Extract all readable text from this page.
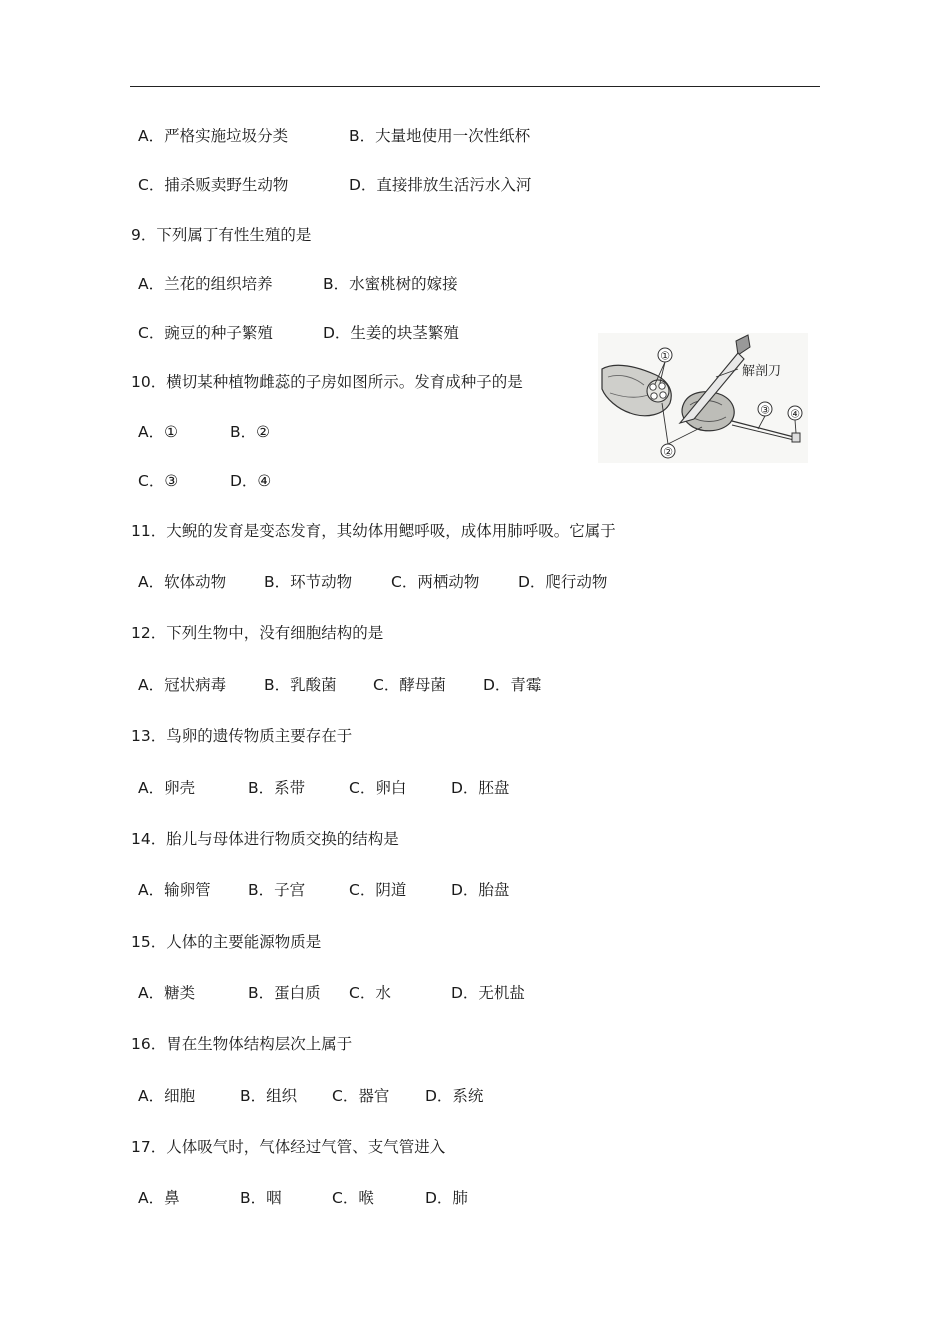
A．严格实施垃圾分类	B．大量地使用一次性纸杯
C．捕杀贩卖野生动物	D．直接排放生活污水入河
9．下列属丁有性生殖的是
A．兰花的组织培养	B．水蜜桃树的嫁接
C．豌豆的种子繁殖	D．生姜的块茎繁殖
10．横切某种植物雌蕊的子房如图所示。发育成种子的是
A．①	B．②
C．③	D．④
解剖刀
①
②
③ ④
11．大鲵的发育是变态发育，其幼体用鳃呼吸，成体用肺呼吸。它属于
A．软体动物 B．环节动物	C．两栖动物 D．爬行动物
12．下列生物中，没有细胞结构的是
A．冠状病毒 B．乳酸菌 C．酵母菌 D．青霉
13．鸟卵的遗传物质主要存在于
A．卵壳	B．系带	C．卵白	D．胚盘
14．胎儿与母体进行物质交换的结构是
A．输卵管 B．子宫	C．阴道	D．胎盘
15．人体的主要能源物质是
A．糖类	B．蛋白质 C．水	D．无机盐
16．胃在生物体结构层次上属于
A．细胞	B．组织 C．器官 D．系统
17．人体吸气时，气体经过气管、支气管进入
A．鼻	B．咽	C．喉	D．肺
